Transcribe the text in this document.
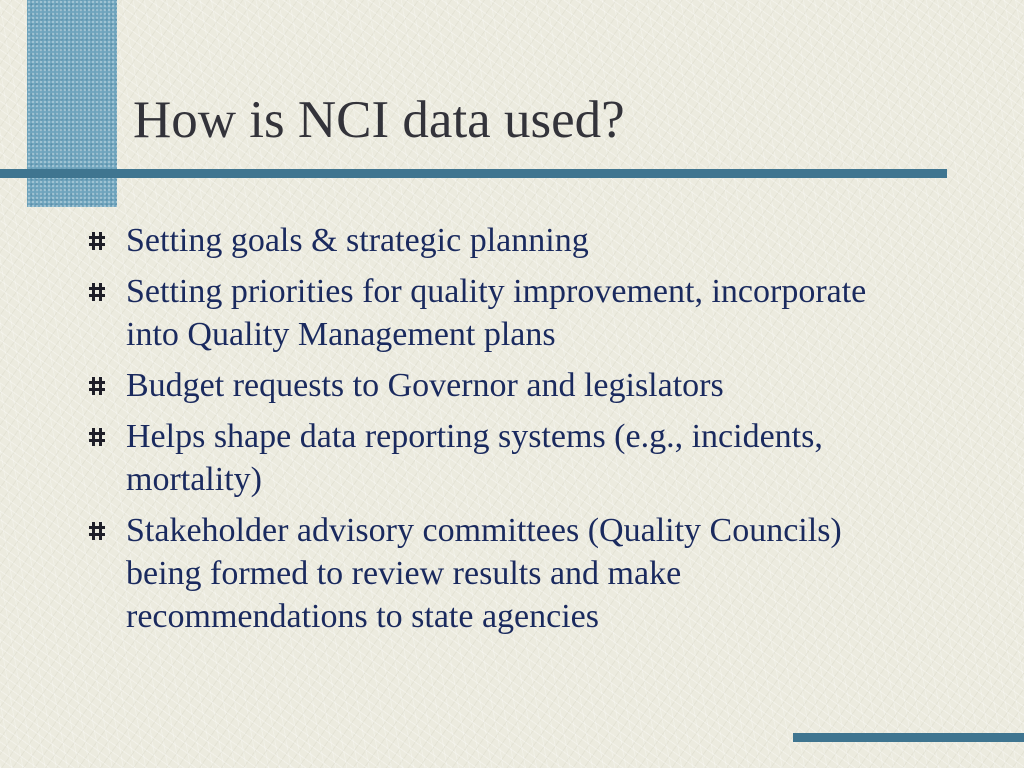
How is NCI data used?
Setting goals & strategic planning
Setting priorities for quality improvement, incorporate into Quality Management plans
Budget requests to Governor and legislators
Helps shape data reporting systems (e.g., incidents, mortality)
Stakeholder advisory committees (Quality Councils) being formed to review results and make recommendations to state agencies
